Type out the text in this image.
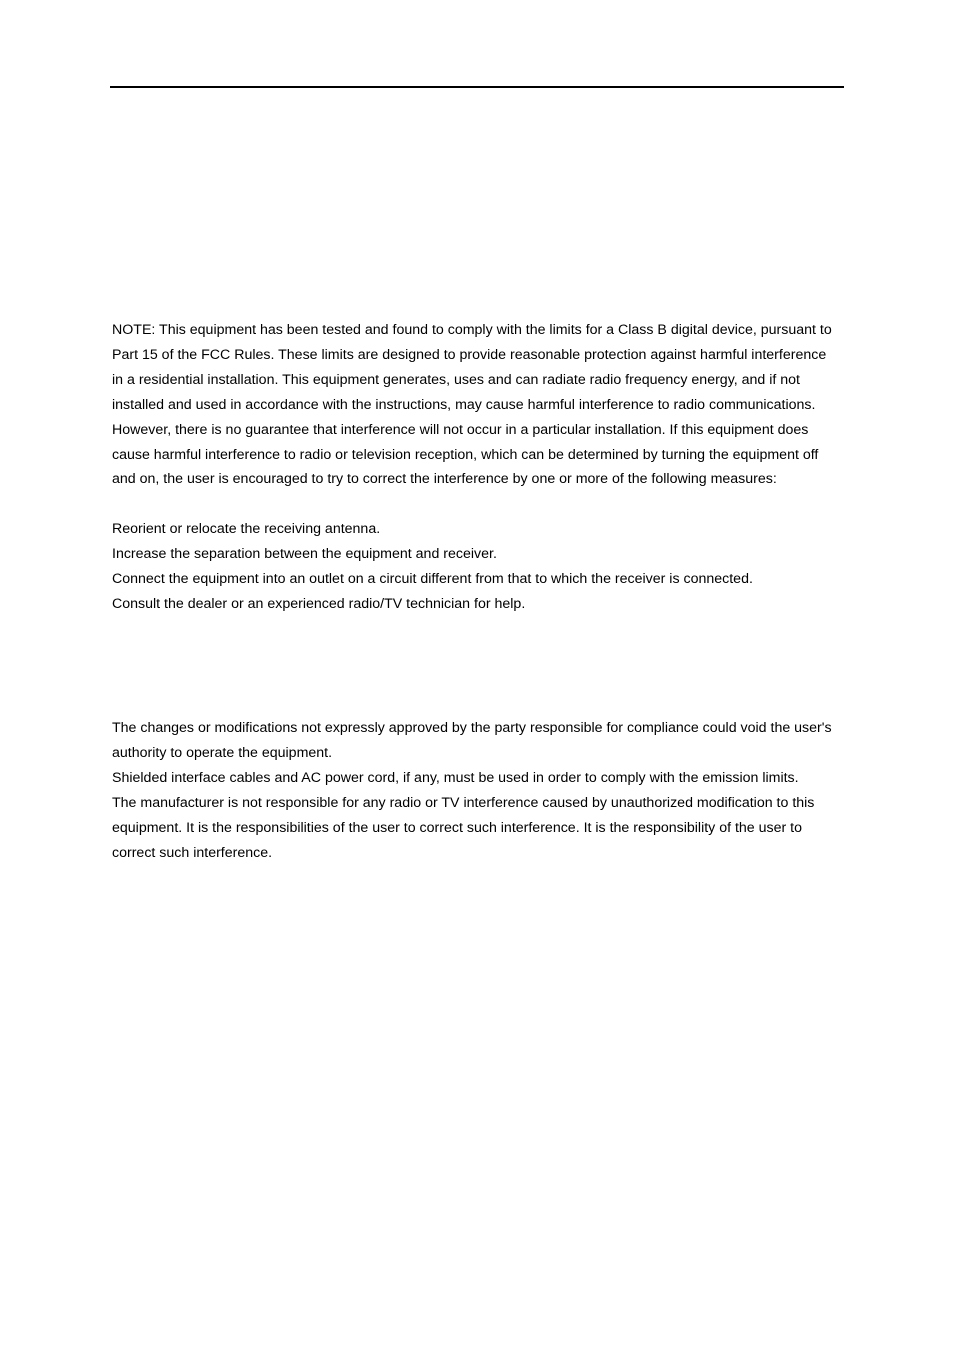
NOTE: This equipment has been tested and found to comply with the limits for a Class B digital device, pursuant to
Part 15 of the FCC Rules. These limits are designed to provide reasonable protection against harmful interference
in a residential installation. This equipment generates, uses and can radiate radio frequency energy, and if not
installed and used in accordance with the instructions, may cause harmful interference to radio communications.
However, there is no guarantee that interference will not occur in a particular installation. If this equipment does
cause harmful interference to radio or television reception, which can be determined by turning the equipment off
and on, the user is encouraged to try to correct the interference by one or more of the following measures:
Reorient or relocate the receiving antenna.
Increase the separation between the equipment and receiver.
Connect the equipment into an outlet on a circuit different from that to which the receiver is connected.
Consult the dealer or an experienced radio/TV technician for help.
The changes or modifications not expressly approved by the party responsible for compliance could void the user's
authority to operate the equipment.
Shielded interface cables and AC power cord, if any, must be used in order to comply with the emission limits.
The manufacturer is not responsible for any radio or TV interference caused by unauthorized modification to this
equipment. It is the responsibilities of the user to correct such interference. It is the responsibility of the user to
correct such interference.
